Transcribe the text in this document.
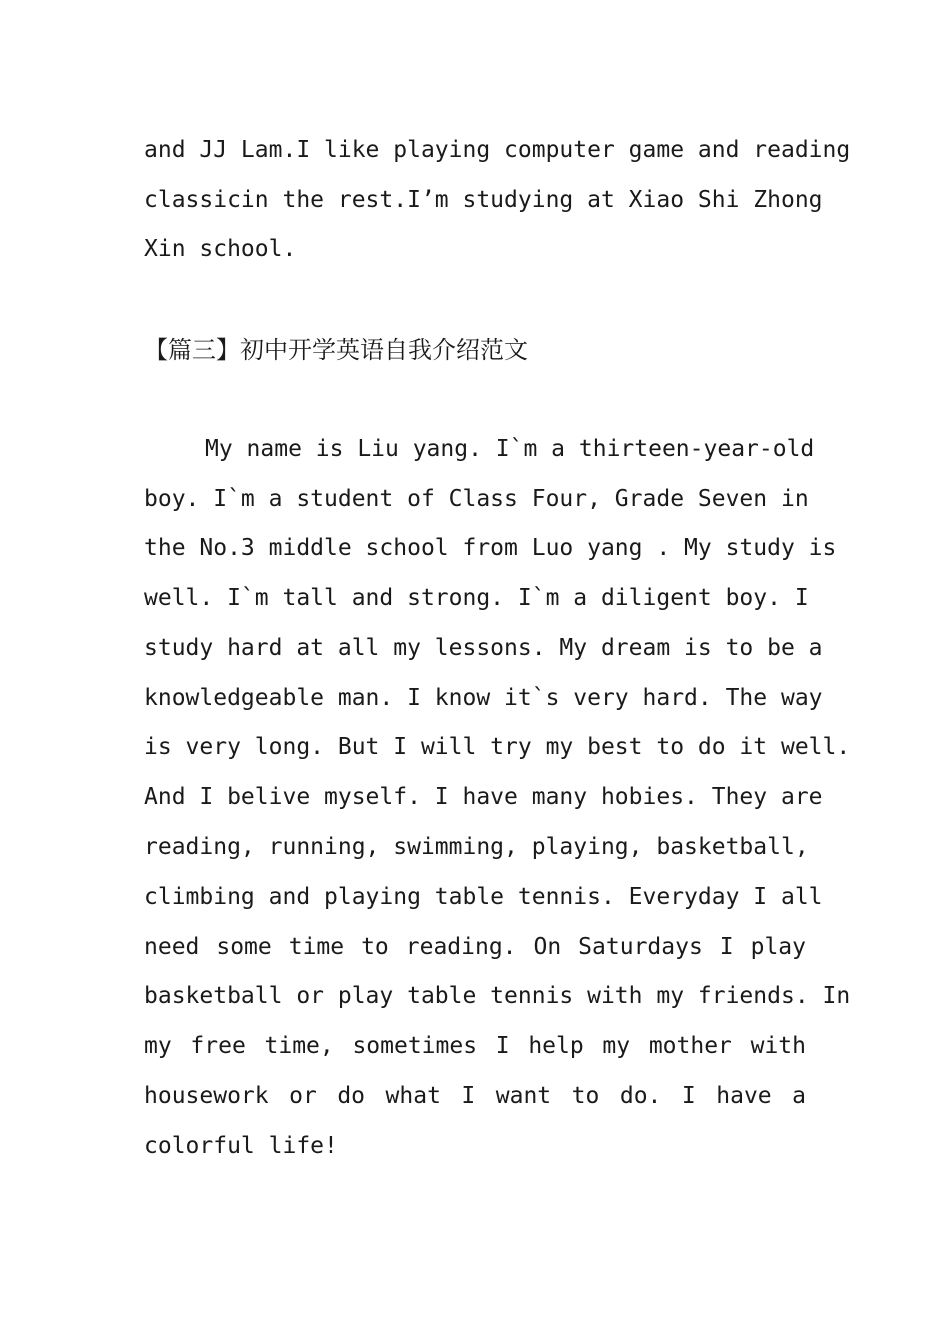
and JJ Lam.I like playing computer game and reading
classicin the rest.I’m studying at Xiao Shi Zhong
Xin school.
【篇三】初中开学英语自我介绍范文
My name is Liu yang. I`m a thirteen-year-old
boy. I`m a student of Class Four, Grade Seven in
the No.3 middle school from Luo yang . My study is
well. I`m tall and strong. I`m a diligent boy. I
study hard at all my lessons. My dream is to be a
knowledgeable man. I know it`s very hard. The way
is very long. But I will try my best to do it well.
And I belive myself. I have many hobies. They are
reading, running, swimming, playing, basketball,
climbing and playing table tennis. Everyday I all
need some time to reading. On Saturdays I play
basketball or play table tennis with my friends. In
my free time, sometimes I help my mother with
housework or do what I want to do. I have a
colorful life!
